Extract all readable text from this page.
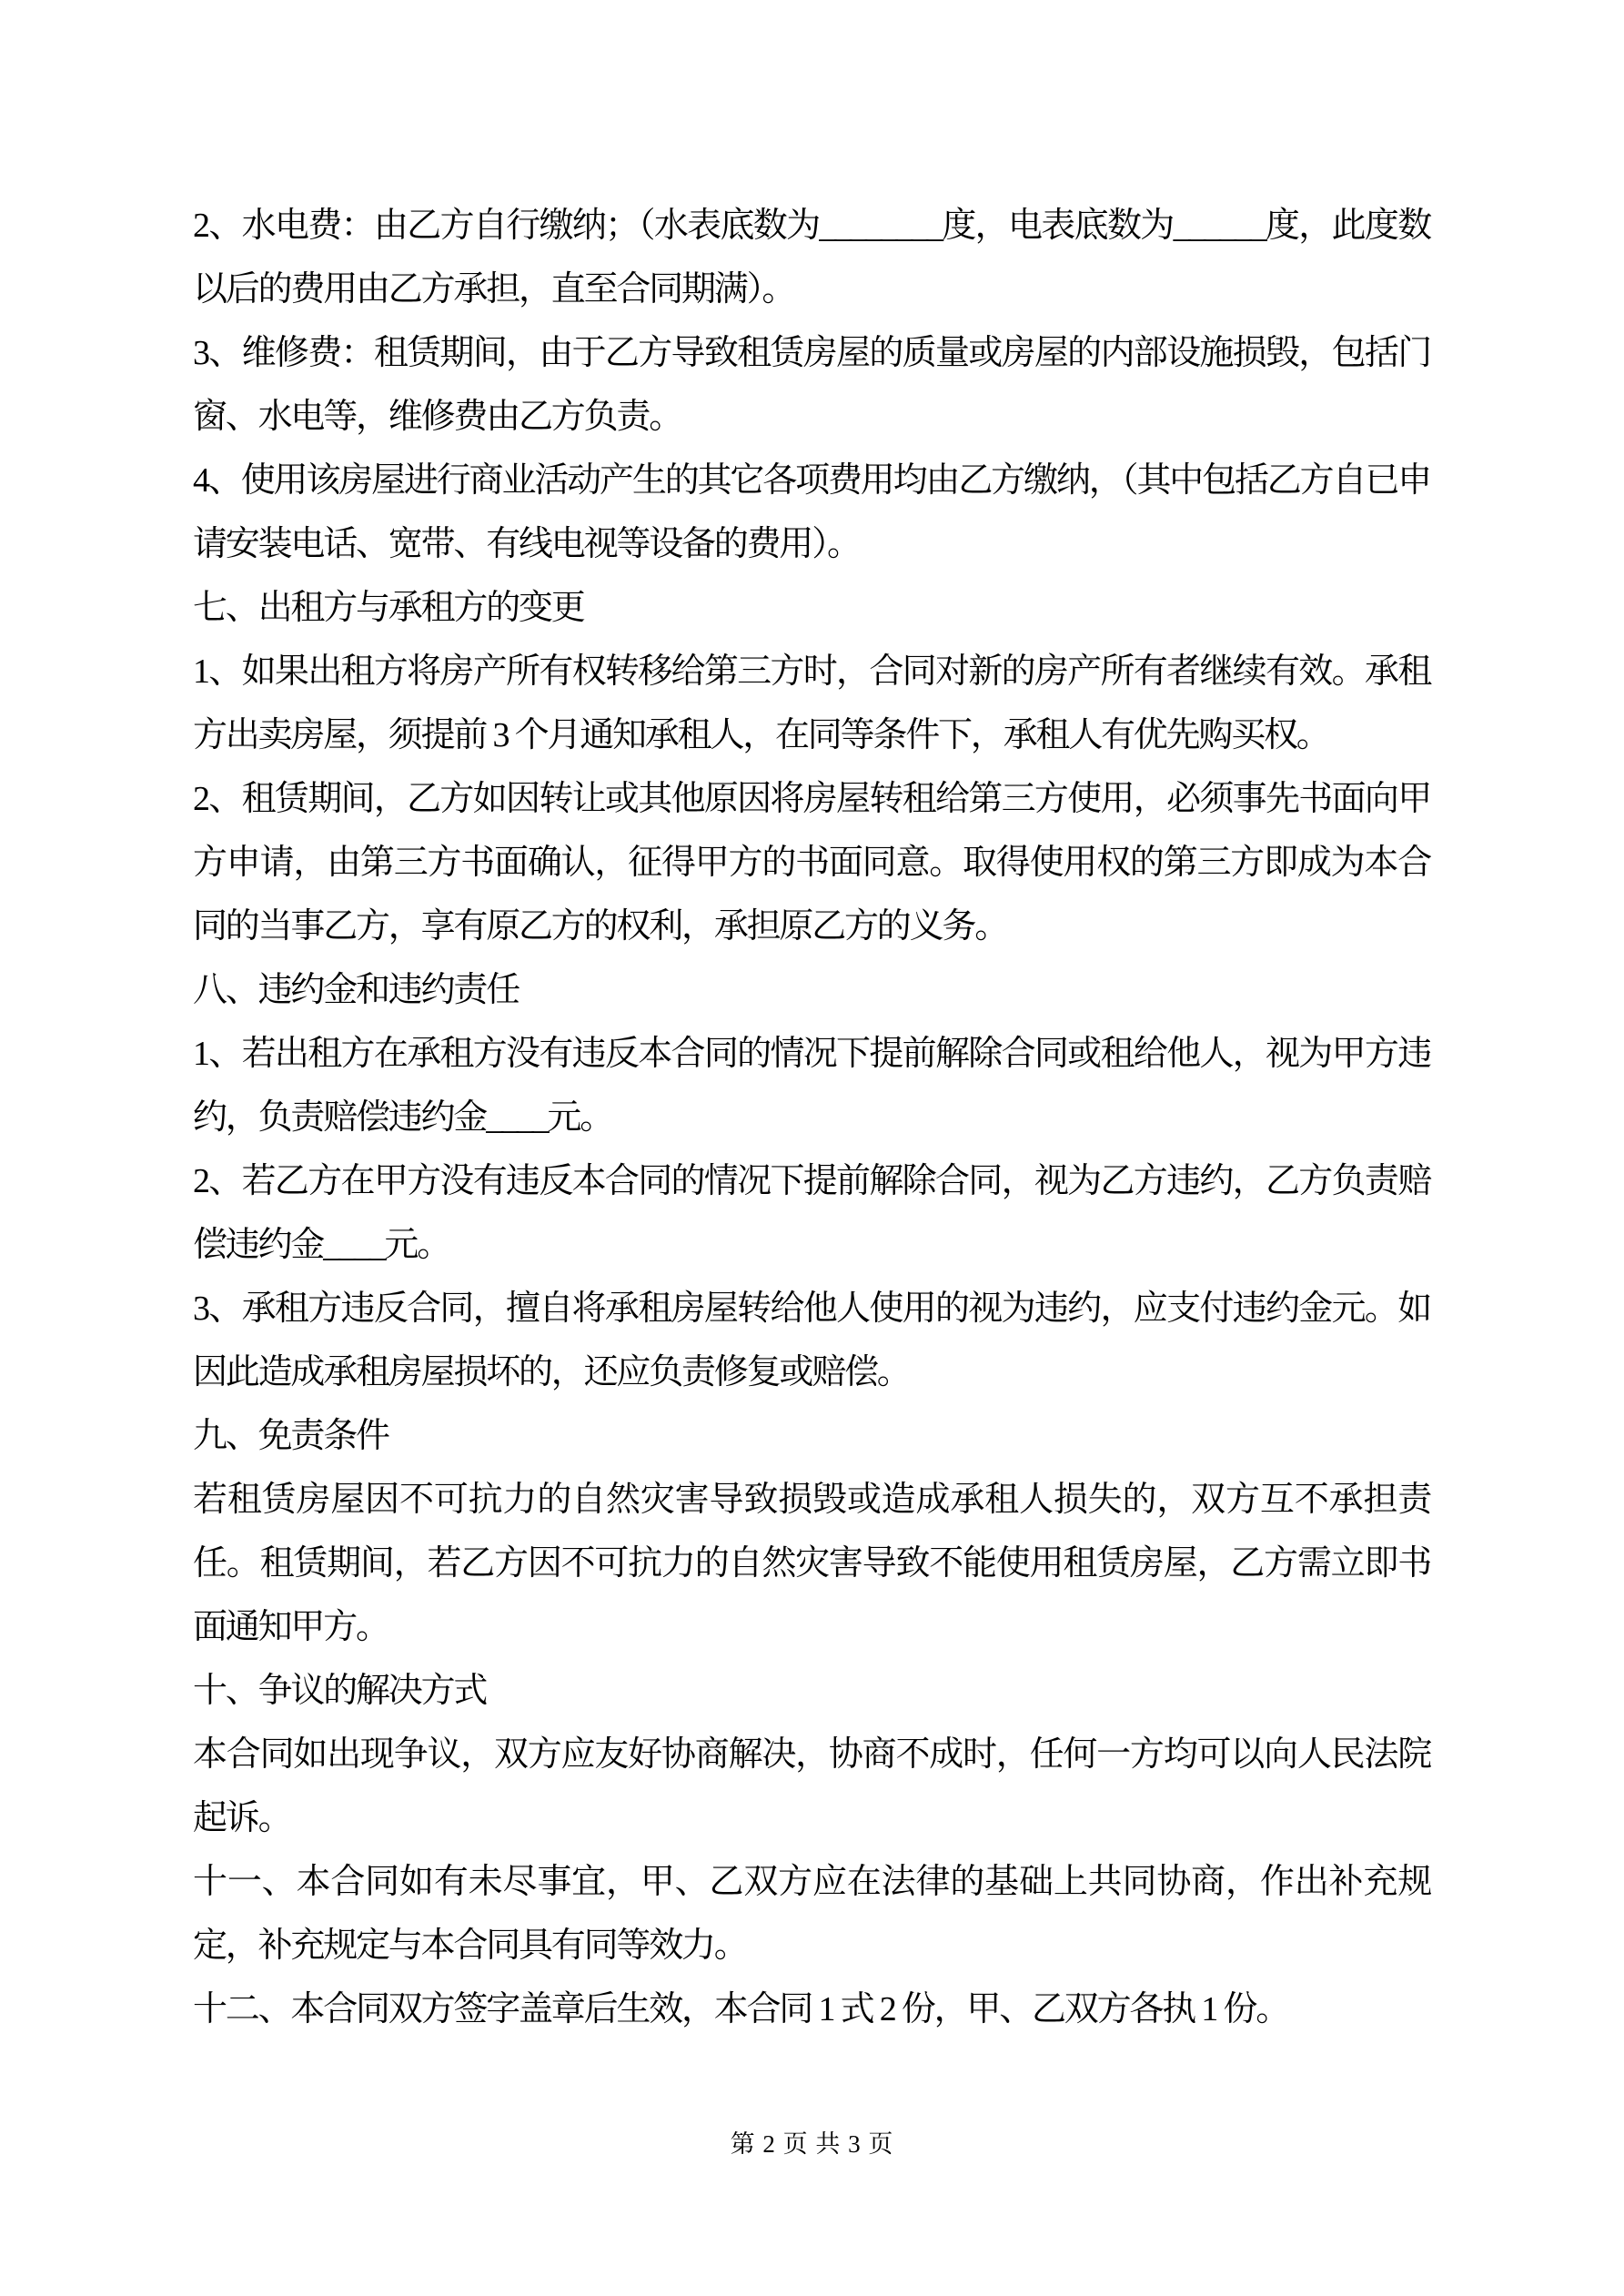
2、水电费：由乙方自行缴纳；（水表底数为________度，电表底数为______度，此度数以后的费用由乙方承担，直至合同期满）。

3、维修费：租赁期间，由于乙方导致租赁房屋的质量或房屋的内部设施损毁，包括门窗、水电等，维修费由乙方负责。

4、使用该房屋进行商业活动产生的其它各项费用均由乙方缴纳，（其中包括乙方自已申请安装电话、宽带、有线电视等设备的费用）。

七、出租方与承租方的变更

1、如果出租方将房产所有权转移给第三方时，合同对新的房产所有者继续有效。承租方出卖房屋，须提前 3 个月通知承租人，在同等条件下，承租人有优先购买权。

2、租赁期间，乙方如因转让或其他原因将房屋转租给第三方使用，必须事先书面向甲方申请，由第三方书面确认，征得甲方的书面同意。取得使用权的第三方即成为本合同的当事乙方，享有原乙方的权利，承担原乙方的义务。

八、违约金和违约责任

1、若出租方在承租方没有违反本合同的情况下提前解除合同或租给他人，视为甲方违约，负责赔偿违约金____元。

2、若乙方在甲方没有违反本合同的情况下提前解除合同，视为乙方违约，乙方负责赔偿违约金____元。

3、承租方违反合同，擅自将承租房屋转给他人使用的视为违约，应支付违约金元。如因此造成承租房屋损坏的，还应负责修复或赔偿。

九、免责条件

若租赁房屋因不可抗力的自然灾害导致损毁或造成承租人损失的，双方互不承担责任。租赁期间，若乙方因不可抗力的自然灾害导致不能使用租赁房屋，乙方需立即书面通知甲方。

十、争议的解决方式

本合同如出现争议，双方应友好协商解决，协商不成时，任何一方均可以向人民法院起诉。

十一、本合同如有未尽事宜，甲、乙双方应在法律的基础上共同协商，作出补充规定，补充规定与本合同具有同等效力。

十二、本合同双方签字盖章后生效，本合同 1 式 2 份，甲、乙双方各执 1 份。

第 2 页 共 3 页
